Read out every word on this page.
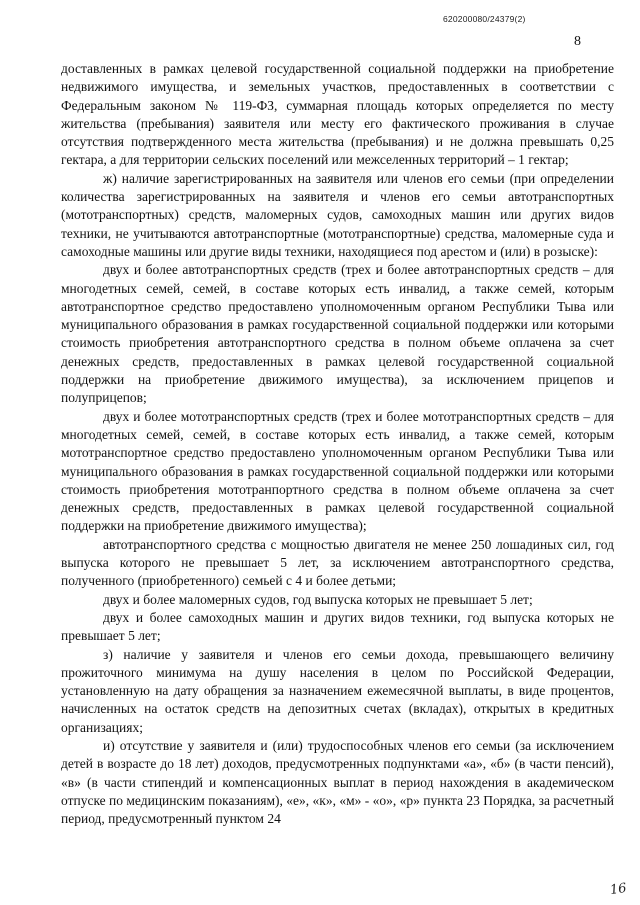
620200080/24379(2)
8

доставленных в рамках целевой государственной социальной поддержки на приобретение недвижимого имущества, и земельных участков, предоставленных в соответствии с Федеральным законом № 119-ФЗ, суммарная площадь которых определяется по месту жительства (пребывания) заявителя или месту его фактического проживания в случае отсутствия подтвержденного места жительства (пребывания) и не должна превышать 0,25 гектара, а для территории сельских поселений или межселенных территорий – 1 гектар;

ж) наличие зарегистрированных на заявителя или членов его семьи (при определении количества зарегистрированных на заявителя и членов его семьи автотранспортных (мототранспортных) средств, маломерных судов, самоходных машин или других видов техники, не учитываются автотранспортные (мототранспортные) средства, маломерные суда и самоходные машины или другие виды техники, находящиеся под арестом и (или) в розыске):

двух и более автотранспортных средств (трех и более автотранспортных средств – для многодетных семей, семей, в составе которых есть инвалид, а также семей, которым автотранспортное средство предоставлено уполномоченным органом Республики Тыва или муниципального образования в рамках государственной социальной поддержки или которыми стоимость приобретения автотранспортного средства в полном объеме оплачена за счет денежных средств, предоставленных в рамках целевой государственной социальной поддержки на приобретение движимого имущества), за исключением прицепов и полуприцепов;

двух и более мототранспортных средств (трех и более мототранспортных средств – для многодетных семей, семей, в составе которых есть инвалид, а также семей, которым мототранспортное средство предоставлено уполномоченным органом Республики Тыва или муниципального образования в рамках государственной социальной поддержки или которыми стоимость приобретения мототранпортного средства в полном объеме оплачена за счет денежных средств, предоставленных в рамках целевой государственной социальной поддержки на приобретение движимого имущества);

автотранспортного средства с мощностью двигателя не менее 250 лошадиных сил, год выпуска которого не превышает 5 лет, за исключением автотранспортного средства, полученного (приобретенного) семьей с 4 и более детьми;

двух и более маломерных судов, год выпуска которых не превышает 5 лет;

двух и более самоходных машин и других видов техники, год выпуска которых не превышает 5 лет;

з) наличие у заявителя и членов его семьи дохода, превышающего величину прожиточного минимума на душу населения в целом по Российской Федерации, установленную на дату обращения за назначением ежемесячной выплаты, в виде процентов, начисленных на остаток средств на депозитных счетах (вкладах), открытых в кредитных организациях;

и) отсутствие у заявителя и (или) трудоспособных членов его семьи (за исключением детей в возрасте до 18 лет) доходов, предусмотренных подпунктами «а», «б» (в части пенсий), «в» (в части стипендий и компенсационных выплат в период нахождения в академическом отпуске по медицинским показаниям), «е», «к», «м» - «о», «р» пункта 23 Порядка, за расчетный период, предусмотренный пунктом 24

16
